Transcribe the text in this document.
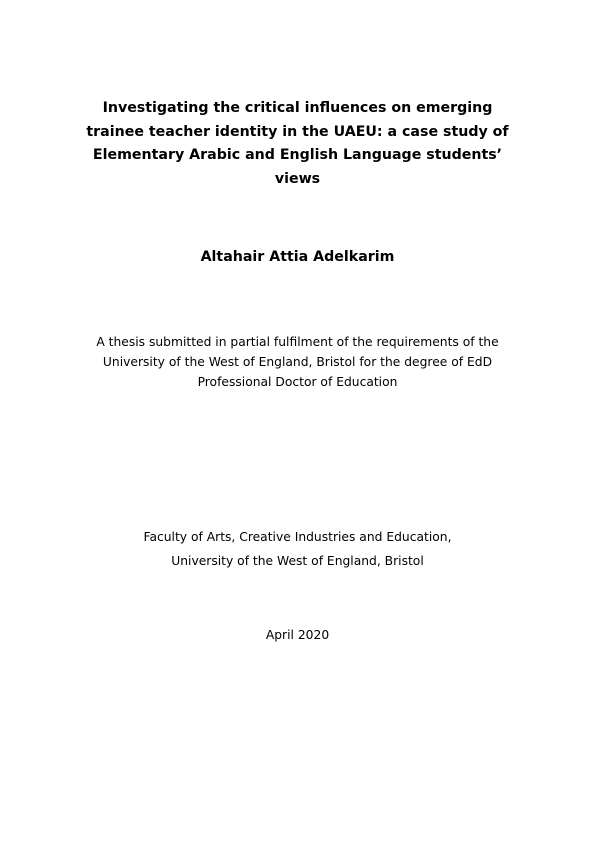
Investigating the critical influences on emerging
trainee teacher identity in the UAEU: a case study of
Elementary Arabic and English Language students’
views
Altahair Attia Adelkarim
A thesis submitted in partial fulfilment of the requirements of the
University of the West of England, Bristol for the degree of EdD
Professional Doctor of Education
Faculty of Arts, Creative Industries and Education,
University of the West of England, Bristol
April 2020
